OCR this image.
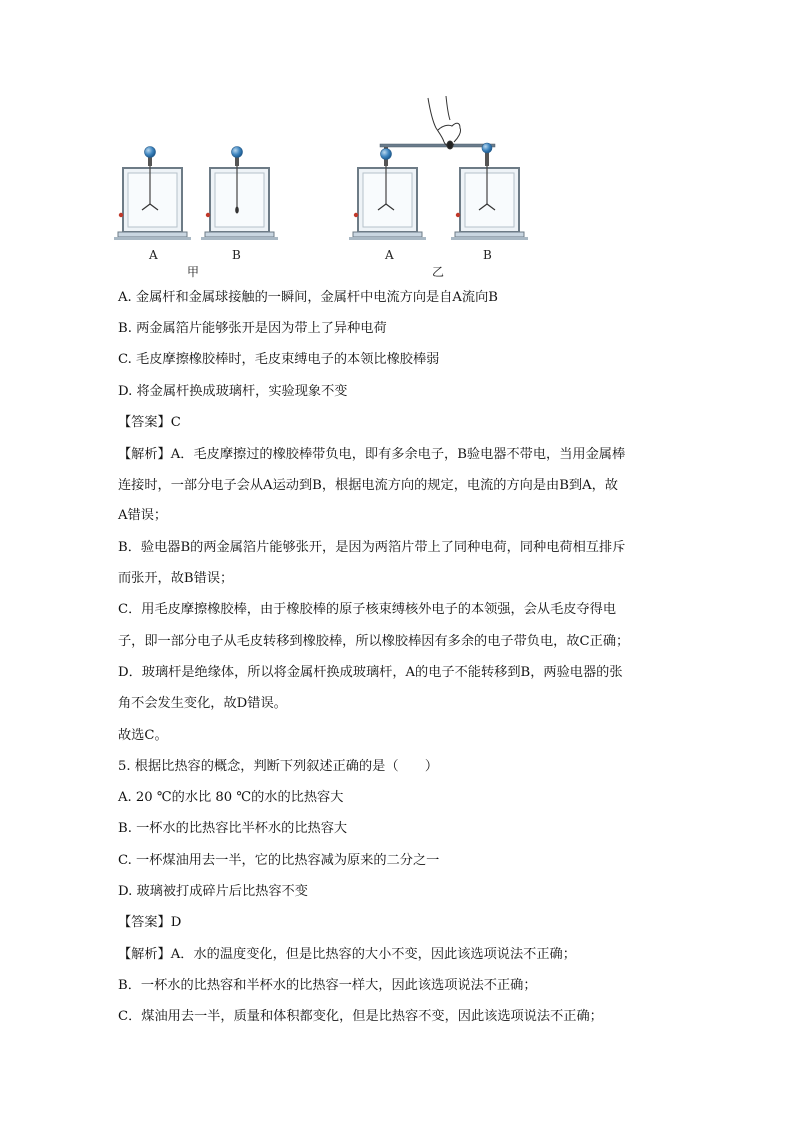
A	B
甲
A	B
乙
A. 金属杆和金属球接触的一瞬间，金属杆中电流方向是自A流向B
B. 两金属箔片能够张开是因为带上了异种电荷
C. 毛皮摩擦橡胶棒时，毛皮束缚电子的本领比橡胶棒弱
D. 将金属杆换成玻璃杆，实验现象不变
【答案】C
【解析】A．毛皮摩擦过的橡胶棒带负电，即有多余电子，B验电器不带电，当用金属棒
连接时，一部分电子会从A运动到B，根据电流方向的规定，电流的方向是由B到A，故
A错误；
B．验电器B的两金属箔片能够张开，是因为两箔片带上了同种电荷，同种电荷相互排斥
而张开，故B错误；
C．用毛皮摩擦橡胶棒，由于橡胶棒的原子核束缚核外电子的本领强，会从毛皮夺得电
子，即一部分电子从毛皮转移到橡胶棒，所以橡胶棒因有多余的电子带负电，故C正确；
D．玻璃杆是绝缘体，所以将金属杆换成玻璃杆，A的电子不能转移到B，两验电器的张
角不会发生变化，故D错误。
故选C。
5. 根据比热容的概念，判断下列叙述正确的是（　　）
A. 20 ℃的水比 80 ℃的水的比热容大
B. 一杯水的比热容比半杯水的比热容大
C. 一杯煤油用去一半，它的比热容减为原来的二分之一
D. 玻璃被打成碎片后比热容不变
【答案】D
【解析】A．水的温度变化，但是比热容的大小不变，因此该选项说法不正确；
B．一杯水的比热容和半杯水的比热容一样大，因此该选项说法不正确；
C．煤油用去一半，质量和体积都变化，但是比热容不变，因此该选项说法不正确；
